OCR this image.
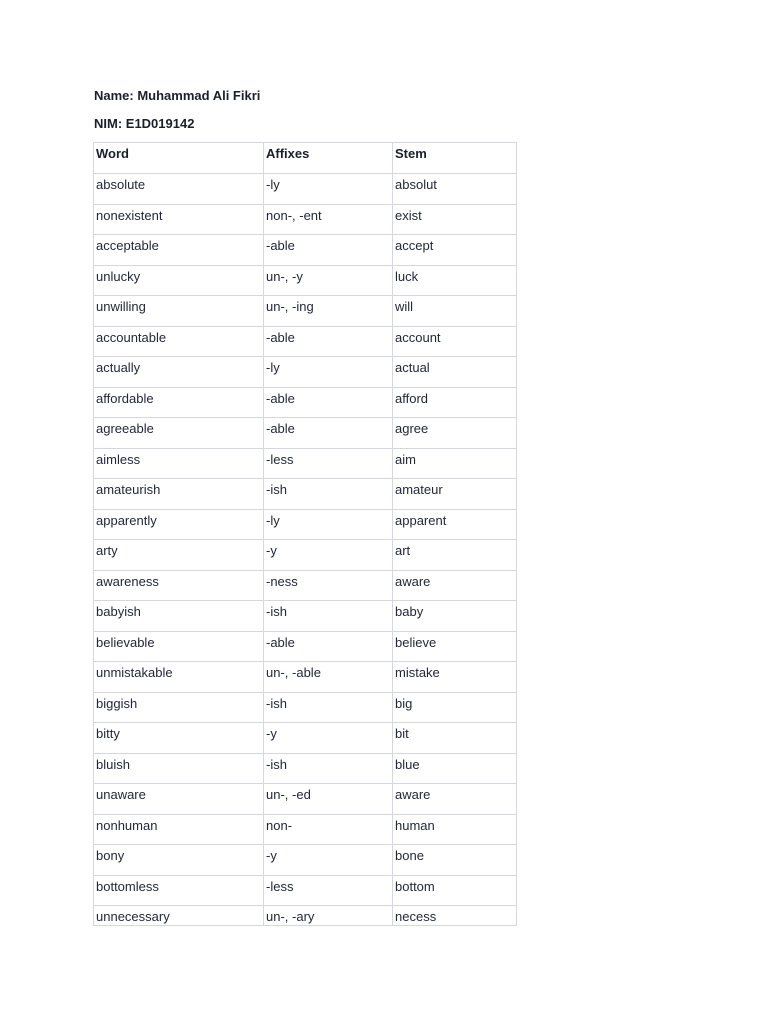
Name: Muhammad Ali Fikri
NIM: E1D019142
Word	Affixes	Stem
absolute	-ly	absolut
nonexistent	non-, -ent	exist
acceptable	-able	accept
unlucky	un-, -y	luck
unwilling	un-, -ing	will
accountable	-able	account
actually	-ly	actual
affordable	-able	afford
agreeable	-able	agree
aimless	-less	aim
amateurish	-ish	amateur
apparently	-ly	apparent
arty	-y	art
awareness	-ness	aware
babyish	-ish	baby
believable	-able	believe
unmistakable	un-, -able	mistake
biggish	-ish	big
bitty	-y	bit
bluish	-ish	blue
unaware	un-, -ed	aware
nonhuman	non-	human
bony	-y	bone
bottomless	-less	bottom
unnecessary	un-, -ary	necess
